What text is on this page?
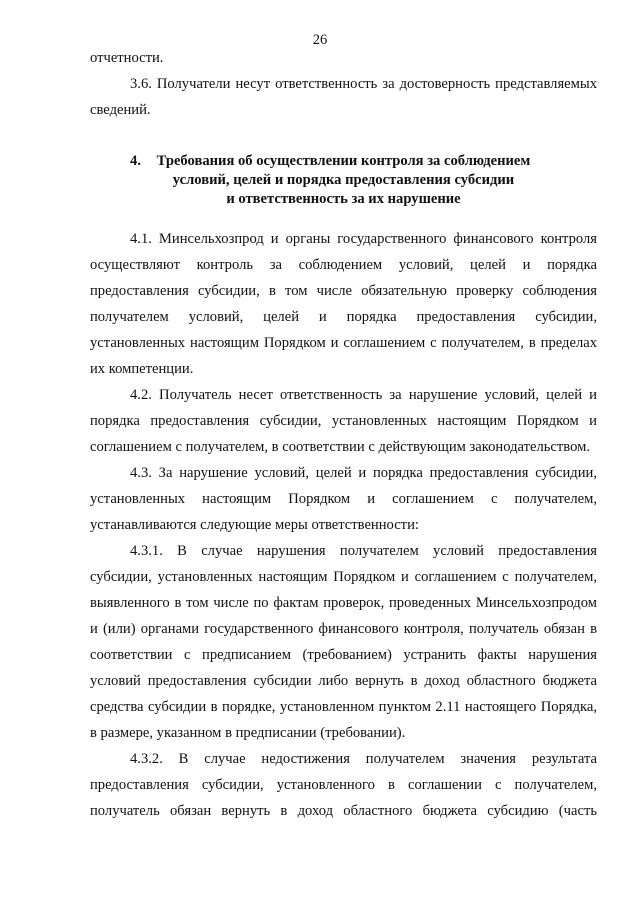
26

отчетности.

3.6. Получатели несут ответственность за достоверность представляемых сведений.

4.	Требования об осуществлении контроля за соблюдением
условий, целей и порядка предоставления субсидии
и ответственность за их нарушение

4.1. Минсельхозпрод и органы государственного финансового контроля осуществляют контроль за соблюдением условий, целей и порядка предоставления субсидии, в том числе обязательную проверку соблюдения получателем условий, целей и порядка предоставления субсидии, установленных настоящим Порядком и соглашением с получателем, в пределах их компетенции.

4.2. Получатель несет ответственность за нарушение условий, целей и порядка предоставления субсидии, установленных настоящим Порядком и соглашением с получателем, в соответствии с действующим законодательством.

4.3. За нарушение условий, целей и порядка предоставления субсидии, установленных настоящим Порядком и соглашением с получателем, устанавливаются следующие меры ответственности:

4.3.1. В случае нарушения получателем условий предоставления субсидии, установленных настоящим Порядком и соглашением с получателем, выявленного в том числе по фактам проверок, проведенных Минсельхозпродом и (или) органами государственного финансового контроля, получатель обязан в соответствии с предписанием (требованием) устранить факты нарушения условий предоставления субсидии либо вернуть в доход областного бюджета средства субсидии в порядке, установленном пунктом 2.11 настоящего Порядка, в размере, указанном в предписании (требовании).

4.3.2. В случае недостижения получателем значения результата предоставления субсидии, установленного в соглашении с получателем, получатель обязан вернуть в доход областного бюджета субсидию (часть
